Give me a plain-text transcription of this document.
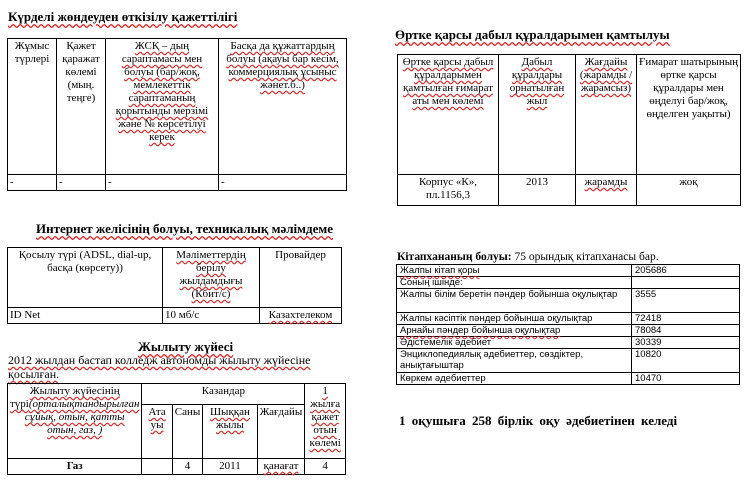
Күрделі жөндеуден өткізілу қажеттілігі
Жұмыс түрлері	Қажет қаражат көлемі (мың. теңге)	ЖСҚ – дың сараптамасы мен болуы (бар/жоқ, мемлекеттік сараптаманың қорытынды мерзімі және № көрсетілуі керек	Басқа да құжаттардың болуы (ақауы бар кесім, коммерциялық ұсыныс жәнет.б..)
-	-	-	-
Өртке қарсы дабыл құралдарымен қамтылуы
Өртке қарсы дабыл құралдарымен қамтылған ғимарат аты мен көлемі	Дабыл құралдары орнатылған жыл	Жағдайы (жарамды / жарамсыз)	Ғимарат шатырының өртке қарсы құралдары мен өңделуі бар/жоқ, өңделген уақыты)
Корпус «К», пл.1156,3	2013	жарамды	жоқ
Интернет желісінің болуы, техникалық мәлімдеме
Қосылу түрі (ADSL, dial-up, басқа (көрсету))	Мәліметтердің берілу жылдамдығы (Кбит/с)	Провайдер
ID Net	10 мб/с	Казахтелеком
Кітапхананың болуы: 75 орындық кітапханасы бар.
Жалпы кітап қоры	205686
Соның ішінде:	
Жалпы білім беретін пәндер бойынша оқулықтар	3555
Жалпы кәсіптік пәндер бойынша оқулықтар	72418
Арнайы пәндер бойынша оқулықтар	78084
Әдістемелік әдебиет	30339
Энциклопедиялық әдебиеттер, сөздіктер, анықтағыштар	10820
Көркем әдебиеттер	10470
1 оқушыға 258 бірлік оқу әдебиетінен келеді
Жылыту жүйесі
2012 жылдан бастап колледж автономды жылыту жүйесіне қосылған.
Жылыту жүйесінің түрі(орталықтандырылған сұйық, отын, қатты отын, газ, )	Казандар				1 жылға қажет отын көлемі
	Ата уы	Саны	Шыққан жылы	Жағдайы	
Газ		4	2011	қанағат	4
